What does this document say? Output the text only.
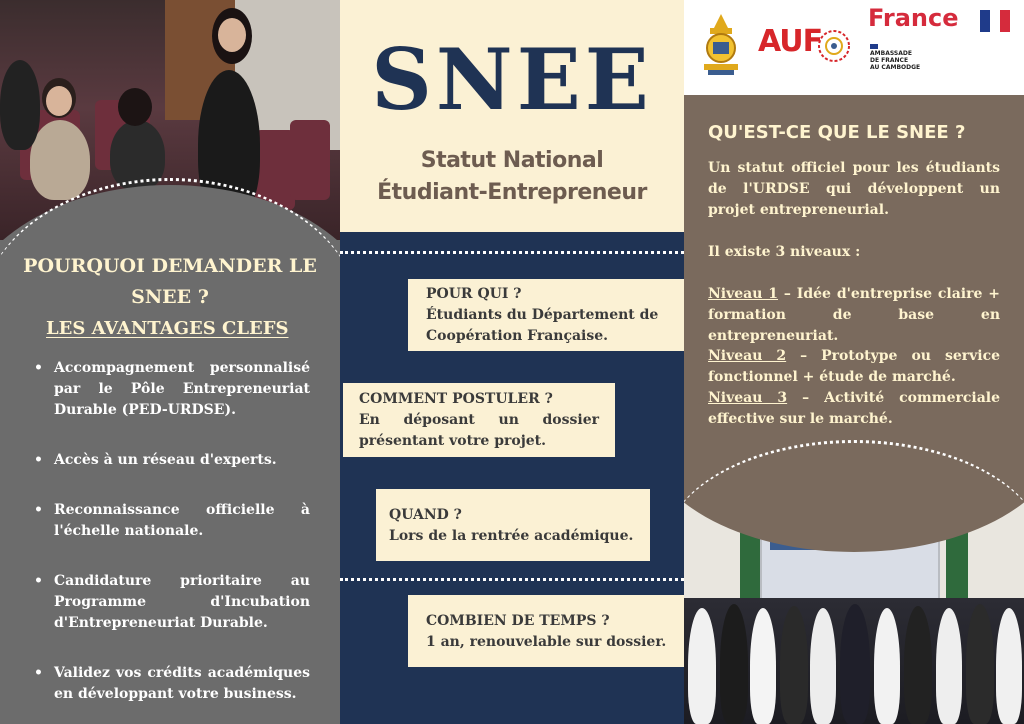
POURQUOI DEMANDER LE
SNEE ?
LES AVANTAGES CLEFS
• Accompagnement personnalisé par le Pôle Entrepreneuriat Durable (PED-URDSE).
• Accès à un réseau d'experts.
• Reconnaissance officielle à l'échelle nationale.
• Candidature prioritaire au Programme d'Incubation d'Entrepreneuriat Durable.
• Validez vos crédits académiques en développant votre business.
SNEE
Statut National
Étudiant-Entrepreneur
POUR QUI ?
Étudiants du Département de Coopération Française.
COMMENT POSTULER ?
En déposant un dossier présentant votre projet.
QUAND ?
Lors de la rentrée académique.
COMBIEN DE TEMPS ?
1 an, renouvelable sur dossier.
AUF
France
AMBASSADE
DE FRANCE
AU CAMBODGE
QU'EST-CE QUE LE SNEE ?
Un statut officiel pour les étudiants de l'URDSE qui développent un projet entrepreneurial.
Il existe 3 niveaux :
Niveau 1 – Idée d'entreprise claire + formation de base en entrepreneuriat.
Niveau 2 – Prototype ou service fonctionnel + étude de marché.
Niveau 3 – Activité commerciale effective sur le marché.
